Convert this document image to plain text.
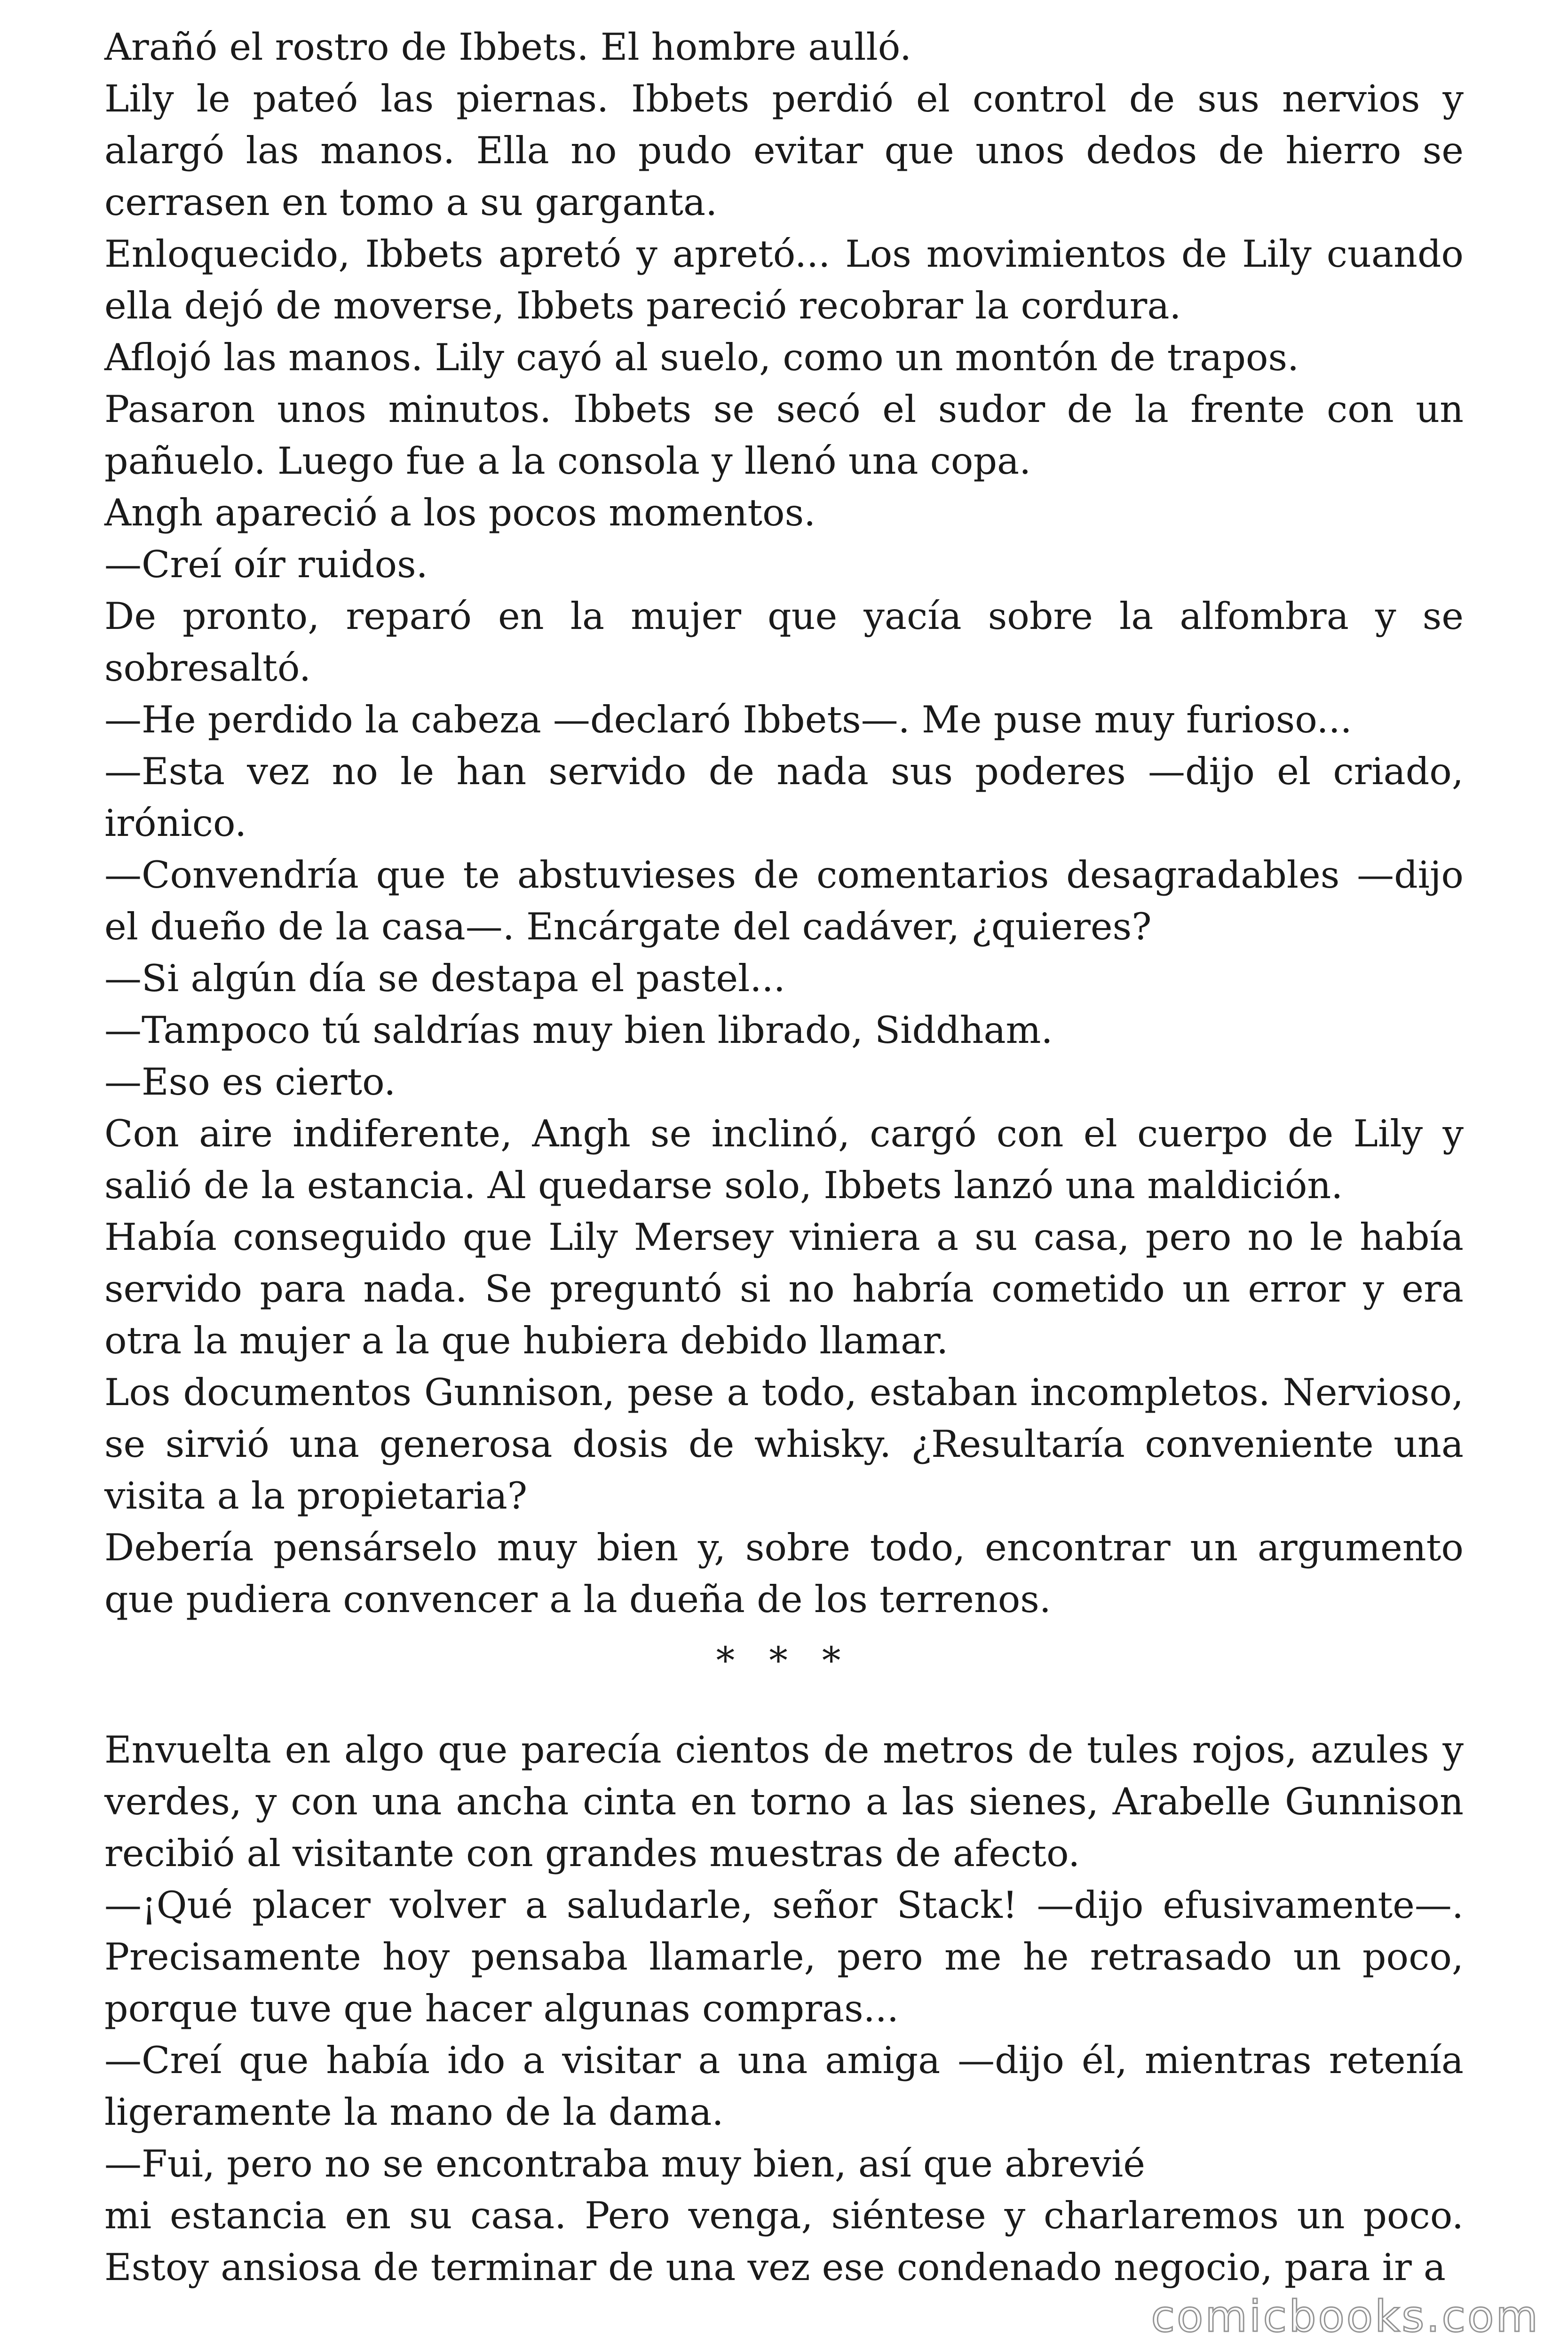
Arañó el rostro de Ibbets. El hombre aulló.

Lily le pateó las piernas. Ibbets perdió el control de sus nervios y alargó las manos. Ella no pudo evitar que unos dedos de hierro se cerrasen en tomo a su garganta.

Enloquecido, Ibbets apretó y apretó... Los movimientos de Lily cuando ella dejó de moverse, Ibbets pareció recobrar la cordura.

Aflojó las manos. Lily cayó al suelo, como un montón de trapos.

Pasaron unos minutos. Ibbets se secó el sudor de la frente con un pañuelo. Luego fue a la consola y llenó una copa.

Angh apareció a los pocos momentos.

—Creí oír ruidos.

De pronto, reparó en la mujer que yacía sobre la alfombra y se sobresaltó.

—He perdido la cabeza —declaró Ibbets—. Me puse muy furioso...

—Esta vez no le han servido de nada sus poderes —dijo el criado, irónico.

—Convendría que te abstuvieses de comentarios desagradables —dijo el dueño de la casa—. Encárgate del cadáver, ¿quieres?

—Si algún día se destapa el pastel...

—Tampoco tú saldrías muy bien librado, Siddham.

—Eso es cierto.

Con aire indiferente, Angh se inclinó, cargó con el cuerpo de Lily y salió de la estancia. Al quedarse solo, Ibbets lanzó una maldición.

Había conseguido que Lily Mersey viniera a su casa, pero no le había servido para nada. Se preguntó si no habría cometido un error y era otra la mujer a la que hubiera debido llamar.

Los documentos Gunnison, pese a todo, estaban incompletos. Nervioso, se sirvió una generosa dosis de whisky. ¿Resultaría conveniente una visita a la propietaria?

Debería pensárselo muy bien y, sobre todo, encontrar un argumento que pudiera convencer a la dueña de los terrenos.

* * *

Envuelta en algo que parecía cientos de metros de tules rojos, azules y verdes, y con una ancha cinta en torno a las sienes, Arabelle Gunnison recibió al visitante con grandes muestras de afecto.

—¡Qué placer volver a saludarle, señor Stack! —dijo efusivamente—. Precisamente hoy pensaba llamarle, pero me he retrasado un poco, porque tuve que hacer algunas compras...

—Creí que había ido a visitar a una amiga —dijo él, mientras retenía ligeramente la mano de la dama.

—Fui, pero no se encontraba muy bien, así que abrevié

mi estancia en su casa. Pero venga, siéntese y charlaremos un poco. Estoy ansiosa de terminar de una vez ese condenado negocio, para ir a

comicbooks.com
